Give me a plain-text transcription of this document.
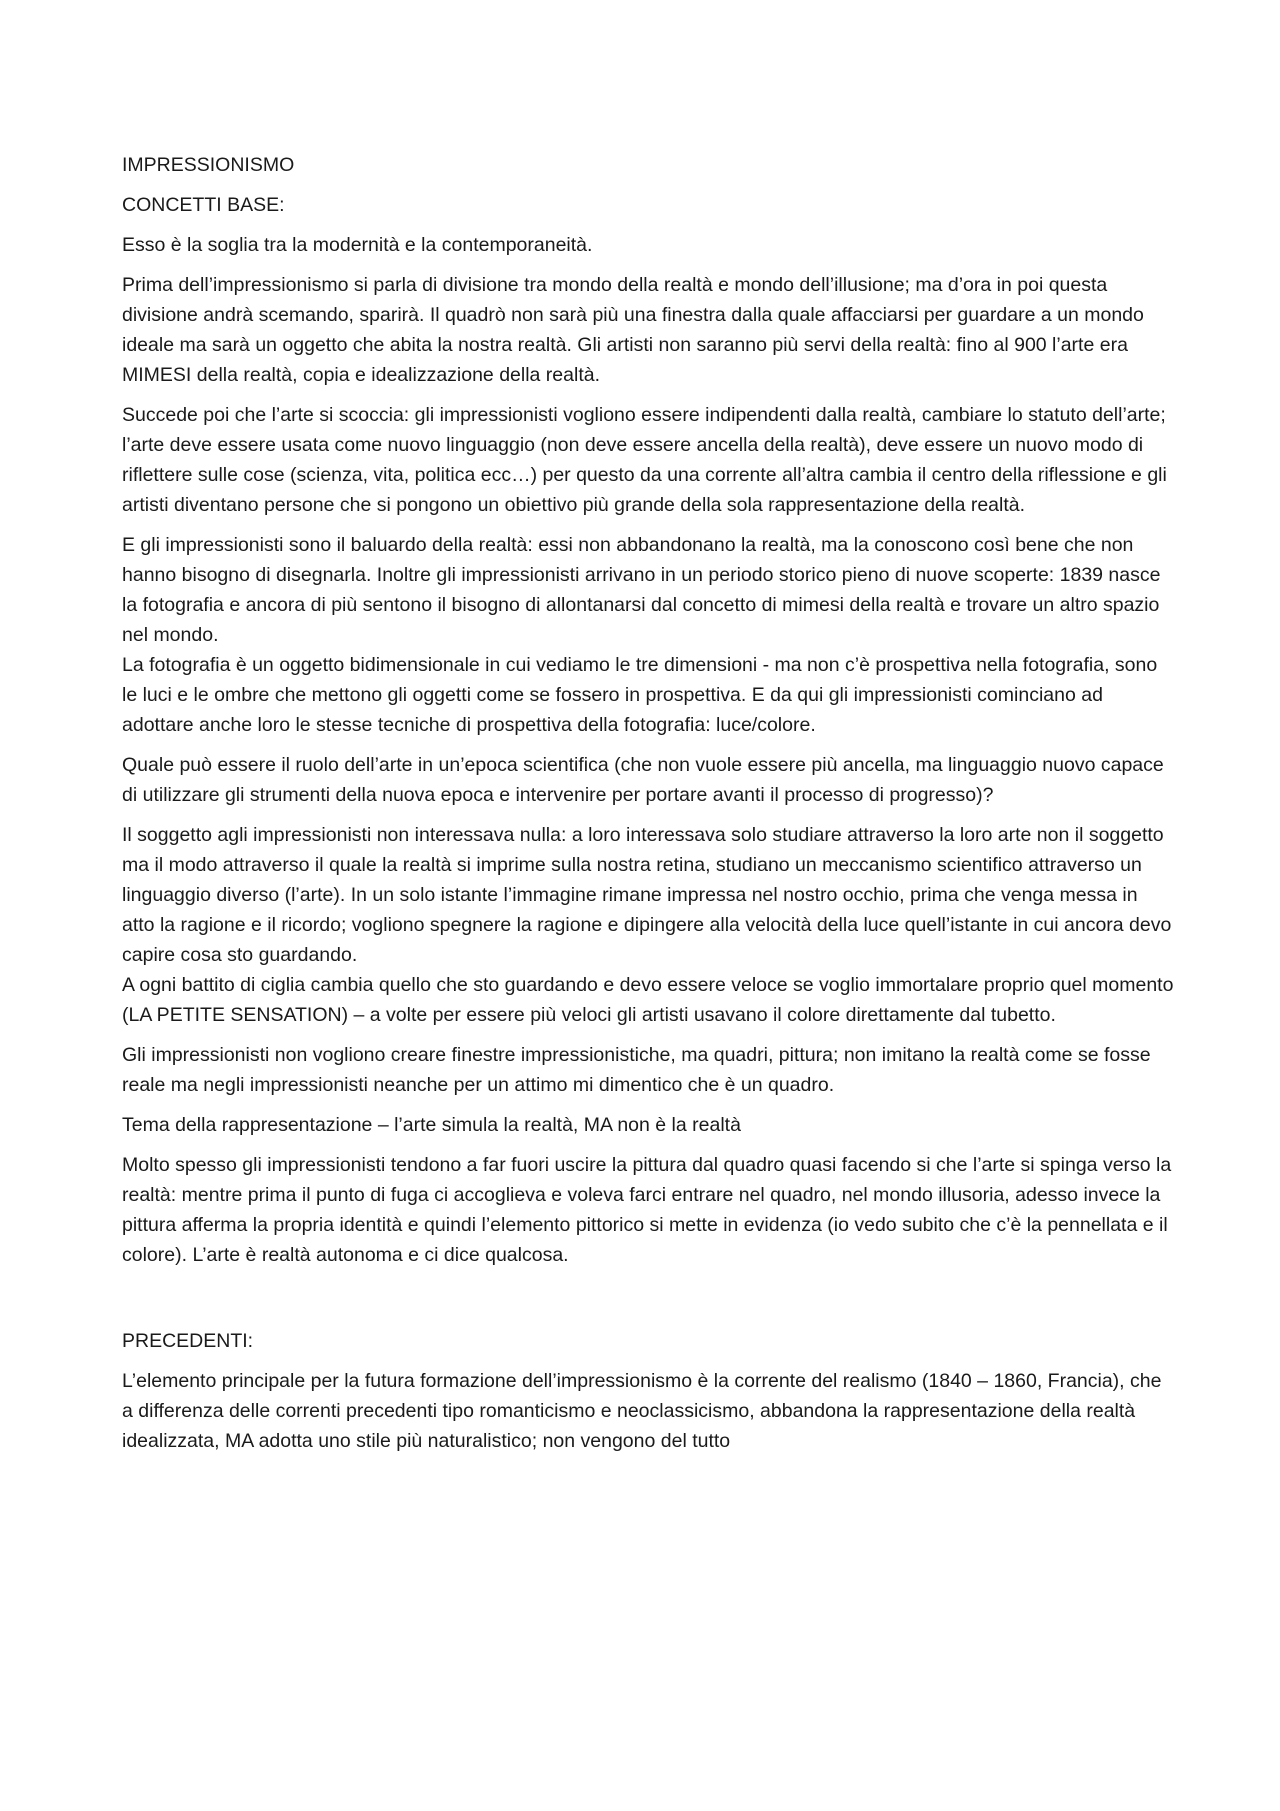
IMPRESSIONISMO

CONCETTI BASE:

Esso è la soglia tra la modernità e la contemporaneità.

Prima dell’impressionismo si parla di divisione tra mondo della realtà e mondo dell’illusione; ma d’ora in poi questa divisione andrà scemando, sparirà. Il quadrò non sarà più una finestra dalla quale affacciarsi per guardare a un mondo ideale ma sarà un oggetto che abita la nostra realtà. Gli artisti non saranno più servi della realtà: fino al 900 l’arte era MIMESI della realtà, copia e idealizzazione della realtà.

Succede poi che l’arte si scoccia: gli impressionisti vogliono essere indipendenti dalla realtà, cambiare lo statuto dell’arte; l’arte deve essere usata come nuovo linguaggio (non deve essere ancella della realtà), deve essere un nuovo modo di riflettere sulle cose (scienza, vita, politica ecc…) per questo da una corrente all’altra cambia il centro della riflessione e gli artisti diventano persone che si pongono un obiettivo più grande della sola rappresentazione della realtà.

E gli impressionisti sono il baluardo della realtà: essi non abbandonano la realtà, ma la conoscono così bene che non hanno bisogno di disegnarla. Inoltre gli impressionisti arrivano in un periodo storico pieno di nuove scoperte: 1839 nasce la fotografia e ancora di più sentono il bisogno di allontanarsi dal concetto di mimesi della realtà e trovare un altro spazio nel mondo.
La fotografia è un oggetto bidimensionale in cui vediamo le tre dimensioni - ma non c’è prospettiva nella fotografia, sono le luci e le ombre che mettono gli oggetti come se fossero in prospettiva. E da qui gli impressionisti cominciano ad adottare anche loro le stesse tecniche di prospettiva della fotografia: luce/colore.

Quale può essere il ruolo dell’arte in un’epoca scientifica (che non vuole essere più ancella, ma linguaggio nuovo capace di utilizzare gli strumenti della nuova epoca e intervenire per portare avanti il processo di progresso)?

Il soggetto agli impressionisti non interessava nulla: a loro interessava solo studiare attraverso la loro arte non il soggetto ma il modo attraverso il quale la realtà si imprime sulla nostra retina, studiano un meccanismo scientifico attraverso un linguaggio diverso (l’arte). In un solo istante l’immagine rimane impressa nel nostro occhio, prima che venga messa in atto la ragione e il ricordo; vogliono spegnere la ragione e dipingere alla velocità della luce quell’istante in cui ancora devo capire cosa sto guardando.
A ogni battito di ciglia cambia quello che sto guardando e devo essere veloce se voglio immortalare proprio quel momento (LA PETITE SENSATION) – a volte per essere più veloci gli artisti usavano il colore direttamente dal tubetto.

Gli impressionisti non vogliono creare finestre impressionistiche, ma quadri, pittura; non imitano la realtà come se fosse reale ma negli impressionisti neanche per un attimo mi dimentico che è un quadro.

Tema della rappresentazione – l’arte simula la realtà, MA non è la realtà

Molto spesso gli impressionisti tendono a far fuori uscire la pittura dal quadro quasi facendo si che l’arte si spinga verso la realtà: mentre prima il punto di fuga ci accoglieva e voleva farci entrare nel quadro, nel mondo illusoria, adesso invece la pittura afferma la propria identità e quindi l’elemento pittorico si mette in evidenza (io vedo subito che c’è la pennellata e il colore). L’arte è realtà autonoma e ci dice qualcosa.

PRECEDENTI:

L’elemento principale per la futura formazione dell’impressionismo è la corrente del realismo (1840 – 1860, Francia), che a differenza delle correnti precedenti tipo romanticismo e neoclassicismo, abbandona la rappresentazione della realtà idealizzata, MA adotta uno stile più naturalistico; non vengono del tutto
